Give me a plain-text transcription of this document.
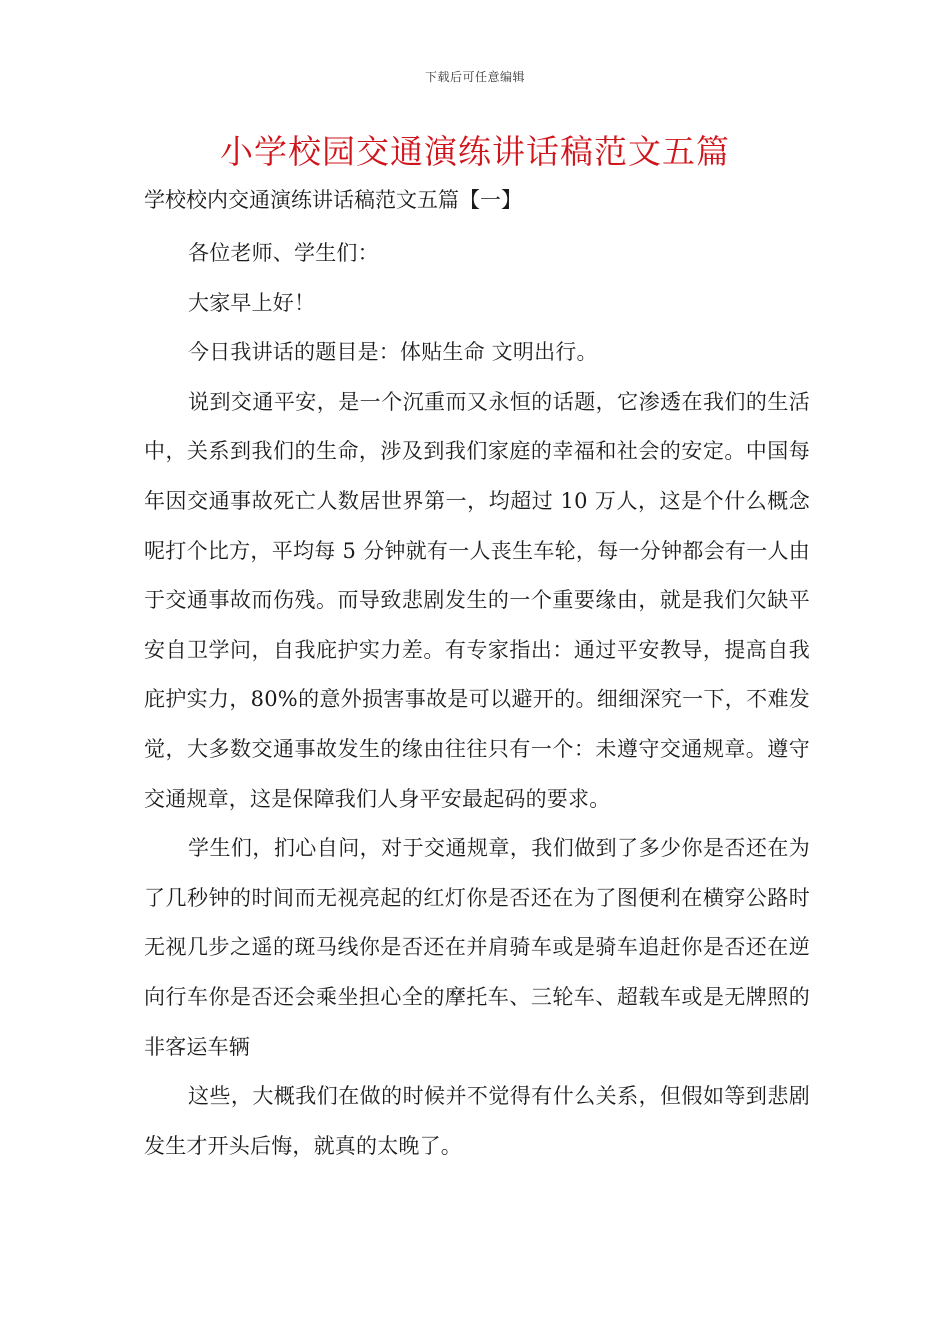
下载后可任意编辑
小学校园交通演练讲话稿范文五篇
学校校内交通演练讲话稿范文五篇【一】

各位老师、学生们：

大家早上好！

今日我讲话的题目是：体贴生命 文明出行。

说到交通平安，是一个沉重而又永恒的话题，它渗透在我们的生活中，关系到我们的生命，涉及到我们家庭的幸福和社会的安定。中国每年因交通事故死亡人数居世界第一，均超过 10 万人，这是个什么概念呢打个比方，平均每 5 分钟就有一人丧生车轮，每一分钟都会有一人由于交通事故而伤残。而导致悲剧发生的一个重要缘由，就是我们欠缺平安自卫学问，自我庇护实力差。有专家指出：通过平安教导，提高自我庇护实力，80%的意外损害事故是可以避开的。细细深究一下，不难发觉，大多数交通事故发生的缘由往往只有一个：未遵守交通规章。遵守交通规章，这是保障我们人身平安最起码的要求。

学生们，扪心自问，对于交通规章，我们做到了多少你是否还在为了几秒钟的时间而无视亮起的红灯你是否还在为了图便利在横穿公路时无视几步之遥的斑马线你是否还在并肩骑车或是骑车追赶你是否还在逆向行车你是否还会乘坐担心全的摩托车、三轮车、超载车或是无牌照的非客运车辆

这些，大概我们在做的时候并不觉得有什么关系，但假如等到悲剧发生才开头后悔，就真的太晚了。
